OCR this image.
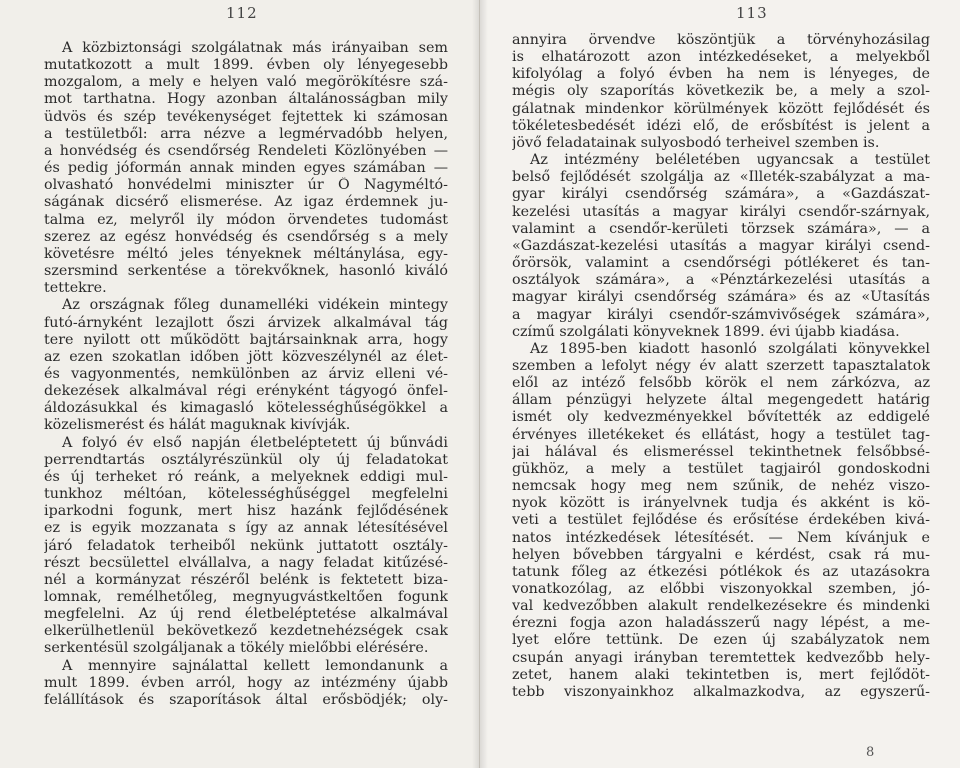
112
A közbiztonsági szolgálatnak más irányaiban sem
mutatkozott a mult 1899. évben oly lényegesebb
mozgalom, a mely e helyen való megörökítésre szá-
mot tarthatna. Hogy azonban általánosságban mily
üdvös és szép tevékenységet fejtettek ki számosan
a testületből: arra nézve a legmérvadóbb helyen,
a honvédség és csendőrség Rendeleti Közlönyében —
és pedig jóformán annak minden egyes számában —
olvasható honvédelmi miniszter úr Ő Nagyméltó-
ságának dicsérő elismerése. Az igaz érdemnek ju-
talma ez, melyről ily módon örvendetes tudomást
szerez az egész honvédség és csendőrség s a mely
követésre méltó jeles tényeknek méltánylása, egy-
szersmind serkentése a törekvőknek, hasonló kiváló
tettekre.
Az országnak főleg dunamelléki vidékein mintegy
futó-árnyként lezajlott őszi árvizek alkalmával tág
tere nyilott ott működött bajtársainknak arra, hogy
az ezen szokatlan időben jött közveszélynél az élet-
és vagyonmentés, nemkülönben az árviz elleni vé-
dekezések alkalmával régi erényként tágyogó önfel-
áldozásukkal és kimagasló kötelességhűségökkel a
közelismerést és hálát maguknak kivívják.
A folyó év első napján életbeléptetett új bűnvádi
perrendtartás osztályrészünkül oly új feladatokat
és új terheket ró reánk, a melyeknek eddigi mul-
tunkhoz méltóan, kötelességhűséggel megfelelni
iparkodni fogunk, mert hisz hazánk fejlődésének
ez is egyik mozzanata s így az annak létesítésével
járó feladatok terheiből nekünk juttatott osztály-
részt becsülettel elvállalva, a nagy feladat kitűzésé-
nél a kormányzat részéről belénk is fektetett biza-
lomnak, remélhetőleg, megnyugvástkeltően fogunk
megfelelni. Az új rend életbeléptetése alkalmával
elkerülhetlenül bekövetkező kezdetnehézségek csak
serkentésül szolgáljanak a tökély mielőbbi elérésére.
A mennyire sajnálattal kellett lemondanunk a
mult 1899. évben arról, hogy az intézmény újabb
felállítások és szaporítások által erősbödjék; oly-
113
annyira örvendve köszöntjük a törvényhozásilag
is elhatározott azon intézkedéseket, a melyekből
kifolyólag a folyó évben ha nem is lényeges, de
mégis oly szaporítás következik be, a mely a szol-
gálatnak mindenkor körülmények között fejlődését és
tökéletesbedését idézi elő, de erősbítést is jelent a
jövő feladatainak sulyosbodó terheivel szemben is.
Az intézmény beléletében ugyancsak a testület
belső fejlődését szolgálja az «Illeték-szabályzat a ma-
gyar királyi csendőrség számára», a «Gazdászat-
kezelési utasítás a magyar királyi csendőr-szárnyak,
valamint a csendőr-kerületi törzsek számára», — a
«Gazdászat-kezelési utasítás a magyar királyi csend-
őrörsök, valamint a csendőrségi pótlékeret és tan-
osztályok számára», a «Pénztárkezelési utasítás a
magyar királyi csendőrség számára» és az «Utasítás
a magyar királyi csendőr-számvivőségek számára»,
czímű szolgálati könyveknek 1899. évi újabb kiadása.
Az 1895-ben kiadott hasonló szolgálati könyvekkel
szemben a lefolyt négy év alatt szerzett tapasztalatok
elől az intéző felsőbb körök el nem zárkózva, az
állam pénzügyi helyzete által megengedett határig
ismét oly kedvezményekkel bővítették az eddigelé
érvényes illetékeket és ellátást, hogy a testület tag-
jai hálával és elismeréssel tekinthetnek felsőbbsé-
gükhöz, a mely a testület tagjairól gondoskodni
nemcsak hogy meg nem szűnik, de nehéz viszo-
nyok között is irányelvnek tudja és akként is kö-
veti a testület fejlődése és erősítése érdekében kivá-
natos intézkedések létesítését. — Nem kívánjuk e
helyen bővebben tárgyalni e kérdést, csak rá mu-
tatunk főleg az étkezési pótlékok és az utazásokra
vonatkozólag, az előbbi viszonyokkal szemben, jó-
val kedvezőbben alakult rendelkezésekre és mindenki
érezni fogja azon haladásszerű nagy lépést, a me-
lyet előre tettünk. De ezen új szabályzatok nem
csupán anyagi irányban teremtettek kedvezőbb hely-
zetet, hanem alaki tekintetben is, mert fejlődöt-
tebb viszonyainkhoz alkalmazkodva, az egyszerű-
8
